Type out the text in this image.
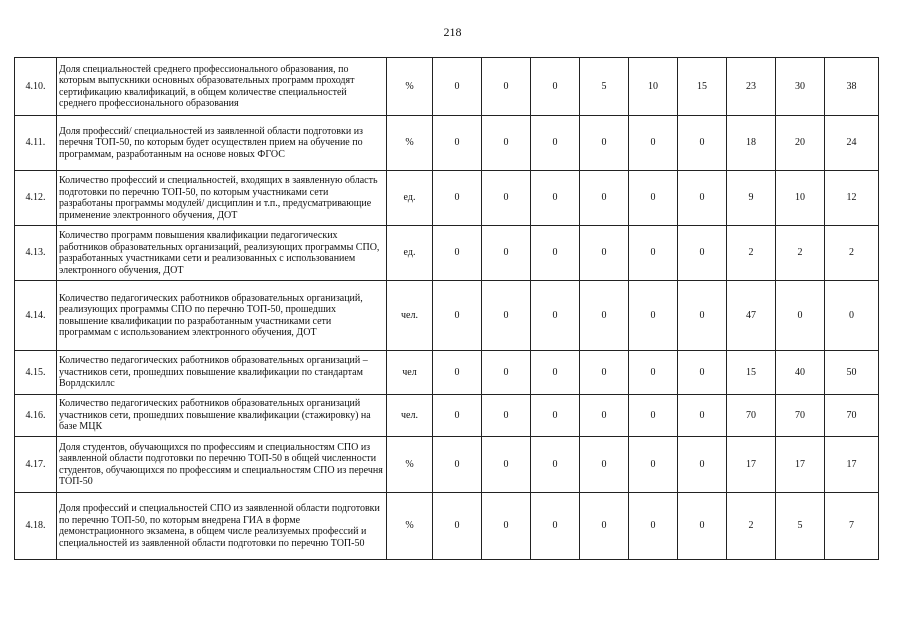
218
4.10.	Доля специальностей среднего профессионального образования, по которым выпускники основных образовательных программ проходят сертификацию квалификаций, в общем количестве специальностей среднего профессионального образования	%	0	0	0	5	10	15	23	30	38
4.11.	Доля профессий/ специальностей из заявленной области подготовки из перечня ТОП-50, по которым будет осуществлен прием на обучение по программам, разработанным на основе новых ФГОС	%	0	0	0	0	0	0	18	20	24
4.12.	Количество профессий и специальностей, входящих в заявленную область подготовки по перечню ТОП-50, по которым участниками сети разработаны программы модулей/ дисциплин и т.п., предусматривающие применение электронного обучения, ДОТ	ед.	0	0	0	0	0	0	9	10	12
4.13.	Количество программ повышения квалификации педагогических работников образовательных организаций, реализующих программы СПО, разработанных участниками сети и реализованных с использованием электронного обучения, ДОТ	ед.	0	0	0	0	0	0	2	2	2
4.14.	Количество педагогических работников образовательных организаций, реализующих программы СПО по перечню ТОП-50, прошедших повышение квалификации по разработанным участниками сети программам с использованием электронного обучения, ДОТ	чел.	0	0	0	0	0	0	47	0	0
4.15.	Количество педагогических работников образовательных организаций –участников сети, прошедших повышение квалификации по стандартам Ворлдскиллс	чел	0	0	0	0	0	0	15	40	50
4.16.	Количество педагогических работников образовательных организаций участников сети, прошедших повышение квалификации (стажировку) на базе МЦК	чел.	0	0	0	0	0	0	70	70	70
4.17.	Доля студентов, обучающихся по профессиям и специальностям СПО из заявленной области подготовки по перечню ТОП-50 в общей численности студентов, обучающихся по профессиям и специальностям СПО из перечня ТОП-50	%	0	0	0	0	0	0	17	17	17
4.18.	Доля профессий и специальностей СПО из заявленной области подготовки по перечню ТОП-50, по которым внедрена ГИА в форме демонстрационного экзамена, в общем числе реализуемых профессий и специальностей из заявленной области подготовки по перечню ТОП-50	%	0	0	0	0	0	0	2	5	7
